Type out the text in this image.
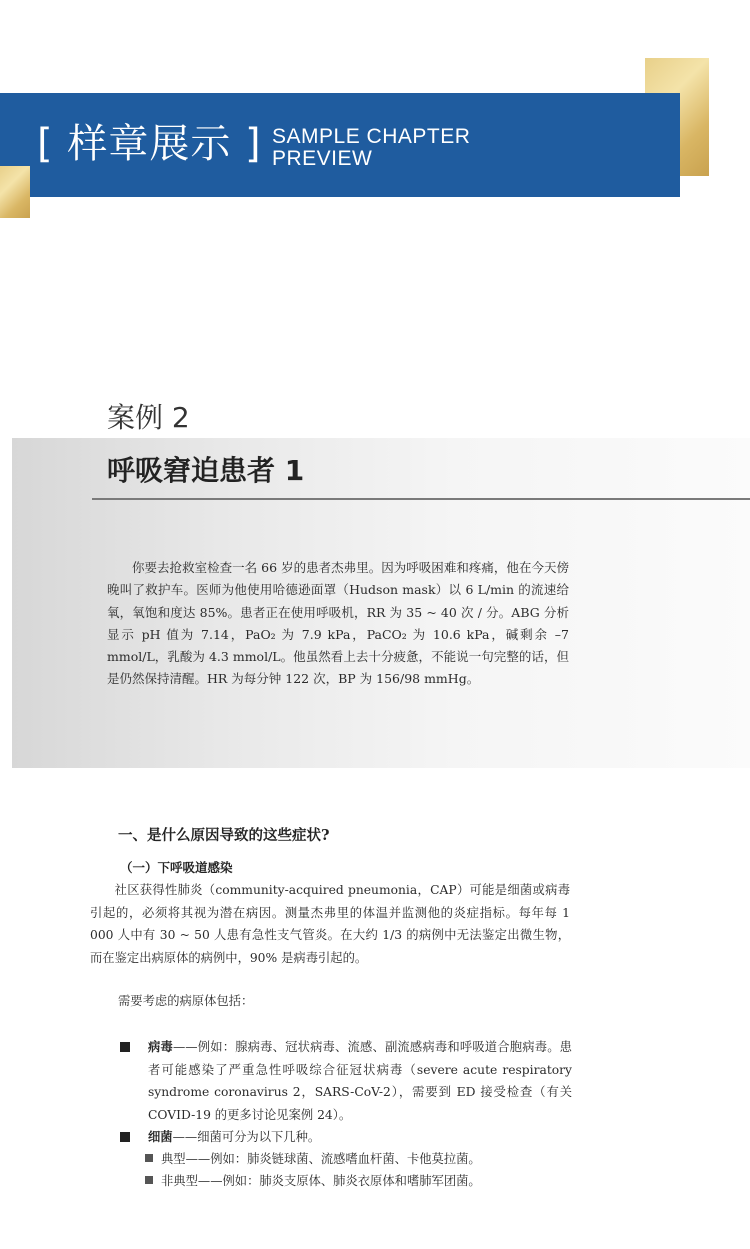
[ 样章展示 ] SAMPLE CHAPTER
PREVIEW
案例 2
呼吸窘迫患者 1

你要去抢救室检查一名 66 岁的患者杰弗里。因为呼吸困难和疼痛，他在今天傍晚叫了救护车。医师为他使用哈德逊面罩（Hudson mask）以 6 L/min 的流速给氧，氧饱和度达 85%。患者正在使用呼吸机，RR 为 35 ~ 40 次 / 分。ABG 分析显示 pH 值为 7.14，PaO₂ 为 7.9 kPa，PaCO₂ 为 10.6 kPa，碱剩余 –7 mmol/L，乳酸为 4.3 mmol/L。他虽然看上去十分疲惫，不能说一句完整的话，但是仍然保持清醒。HR 为每分钟 122 次，BP 为 156/98 mmHg。

一、是什么原因导致的这些症状?
（一）下呼吸道感染

社区获得性肺炎（community-acquired pneumonia，CAP）可能是细菌或病毒引起的，必须将其视为潜在病因。测量杰弗里的体温并监测他的炎症指标。每年每 1 000 人中有 30 ~ 50 人患有急性支气管炎。在大约 1/3 的病例中无法鉴定出微生物，而在鉴定出病原体的病例中，90% 是病毒引起的。

需要考虑的病原体包括：
病毒——例如：腺病毒、冠状病毒、流感、副流感病毒和呼吸道合胞病毒。患者可能感染了严重急性呼吸综合征冠状病毒（severe acute respiratory syndrome coronavirus 2，SARS-CoV-2），需要到 ED 接受检查（有关 COVID-19 的更多讨论见案例 24）。
细菌——细菌可分为以下几种。
典型——例如：肺炎链球菌、流感嗜血杆菌、卡他莫拉菌。
非典型——例如：肺炎支原体、肺炎衣原体和嗜肺军团菌。
